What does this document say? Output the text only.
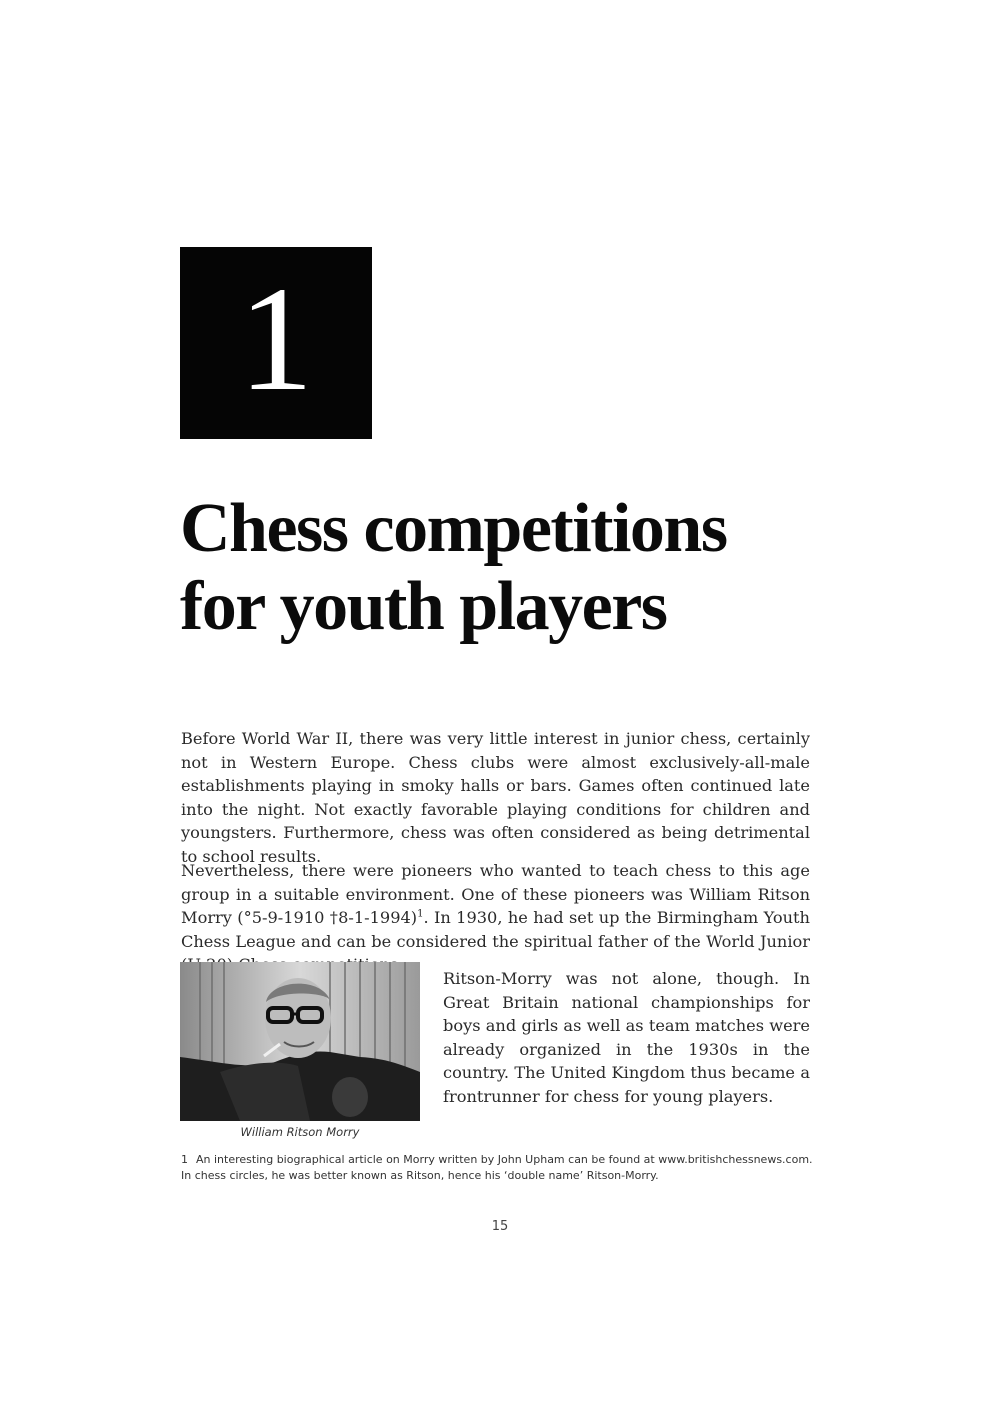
1
Chess competitions
for youth players

Before World War II, there was very little interest in junior chess, certainly not in Western Europe. Chess clubs were almost exclusively-all-male establishments playing in smoky halls or bars. Games often continued late into the night. Not exactly favorable playing conditions for children and youngsters. Furthermore, chess was often considered as being detrimental to school results.

Nevertheless, there were pioneers who wanted to teach chess to this age group in a suitable environment. One of these pioneers was William Ritson Morry (°5-9-1910 †8-1-1994)$^1$. In 1930, he had set up the Birmingham Youth Chess League and can be considered the spiritual father of the World Junior

William Ritson Morry

Ritson-Morry was not alone, though. In Great Britain national championships for boys and girls as well as team matches were already organized in the 1930s in the country. The United Kingdom thus became a frontrunner for chess for young players.

1 An interesting biographical article on Morry written by John Upham can be found at www.britishchessnews.com. In chess circles, he was better known as Ritson, hence his ‘double name’ Ritson-Morry.

15
